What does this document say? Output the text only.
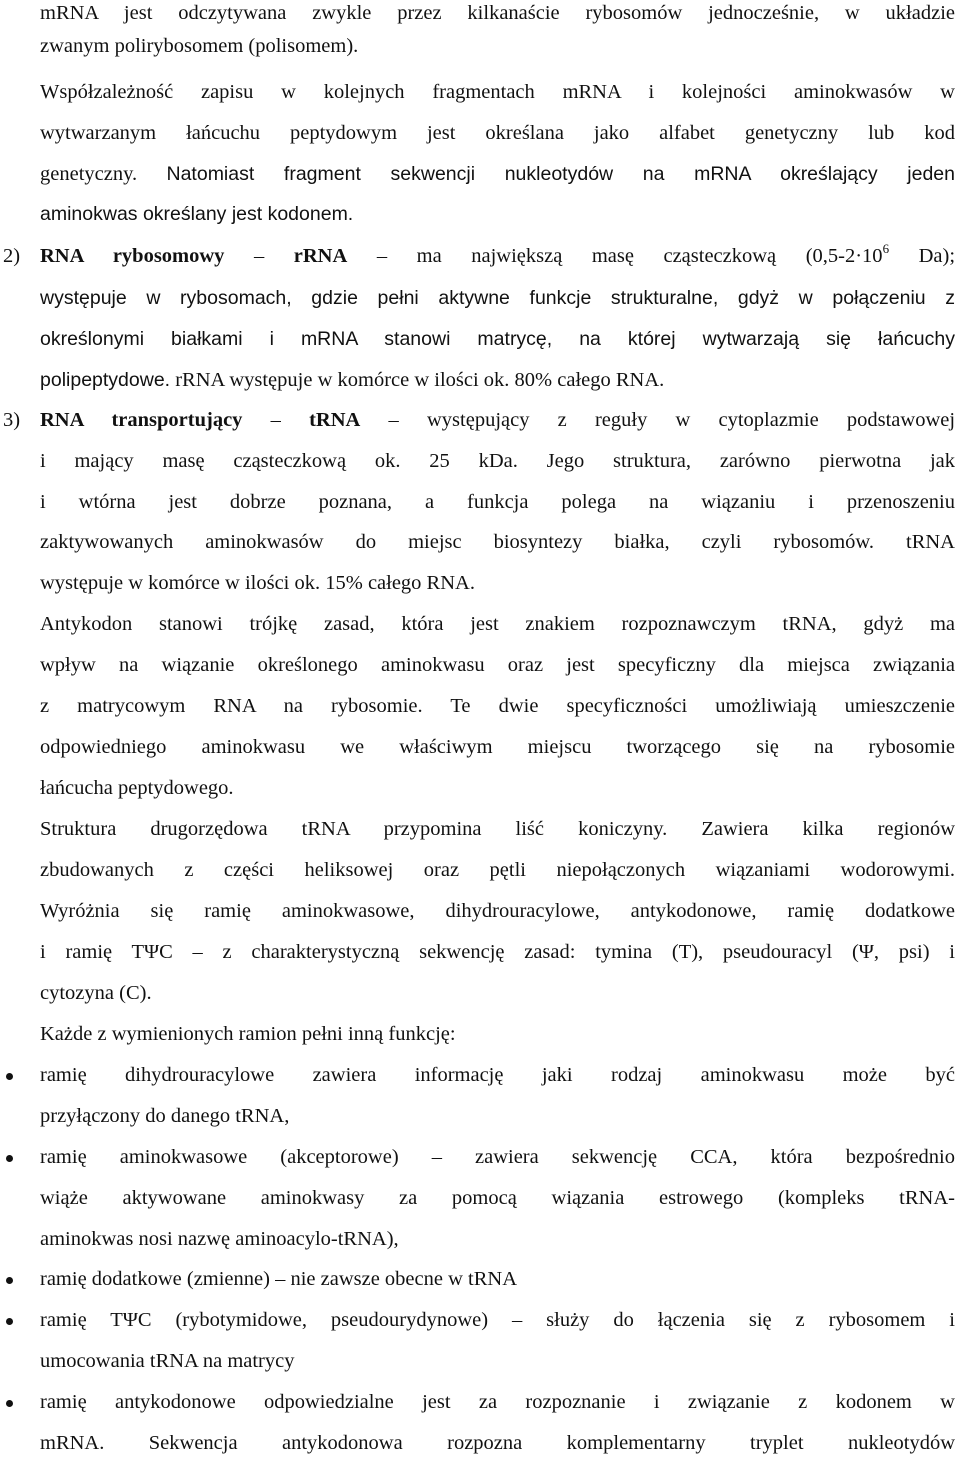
mRNA jest odczytywana zwykle przez kilkanaście rybosomów jednocześnie, w układzie
zwanym polirybosomem (polisomem).
Współzależność zapisu w kolejnych fragmentach mRNA i kolejności aminokwasów w
wytwarzanym łańcuchu peptydowym jest określana jako alfabet genetyczny lub kod
genetyczny. Natomiast fragment sekwencji nukleotydów na mRNA określający jeden
aminokwas określany jest kodonem.
2) RNA rybosomowy – rRNA – ma największą masę cząsteczkową ($0,5-2\cdot 10^6$ Da);
występuje w rybosomach, gdzie pełni aktywne funkcje strukturalne, gdyż w połączeniu z
określonymi białkami i mRNA stanowi matrycę, na której wytwarzają się łańcuchy
polipeptydowe. rRNA występuje w komórce w ilości ok. 80% całego RNA.
3) RNA transportujący – tRNA – występujący z reguły w cytoplazmie podstawowej
i mający masę cząsteczkową ok. 25 kDa. Jego struktura, zarówno pierwotna jak
i wtórna jest dobrze poznana, a funkcja polega na wiązaniu i przenoszeniu
zaktywowanych aminokwasów do miejsc biosyntezy białka, czyli rybosomów. tRNA
występuje w komórce w ilości ok. 15% całego RNA.
Antykodon stanowi trójkę zasad, która jest znakiem rozpoznawczym tRNA, gdyż ma
wpływ na wiązanie określonego aminokwasu oraz jest specyficzny dla miejsca związania
z matrycowym RNA na rybosomie. Te dwie specyficzności umożliwiają umieszczenie
odpowiedniego aminokwasu we właściwym miejscu tworzącego się na rybosomie
łańcucha peptydowego.
Struktura drugorzędowa tRNA przypomina liść koniczyny. Zawiera kilka regionów
zbudowanych z części heliksowej oraz pętli niepołączonych wiązaniami wodorowymi.
Wyróżnia się ramię aminokwasowe, dihydrouracylowe, antykodonowe, ramię dodatkowe
i ramię TΨC – z charakterystyczną sekwencję zasad: tymina (T), pseudouracyl (Ψ, psi) i
cytozyna (C).
Każde z wymienionych ramion pełni inną funkcję:
ramię dihydrouracylowe zawiera informację jaki rodzaj aminokwasu może być
przyłączony do danego tRNA,
ramię aminokwasowe (akceptorowe) – zawiera sekwencję CCA, która bezpośrednio
wiąże aktywowane aminokwasy za pomocą wiązania estrowego (kompleks tRNA-
aminokwas nosi nazwę aminoacylo-tRNA),
ramię dodatkowe (zmienne) – nie zawsze obecne w tRNA
ramię TΨC (rybotymidowe, pseudourydynowe) – służy do łączenia się z rybosomem i
umocowania tRNA na matrycy
ramię antykodonowe odpowiedzialne jest za rozpoznanie i związanie z kodonem w
mRNA. Sekwencja antykodonowa rozpozna komplementarny tryplet nukleotydów
